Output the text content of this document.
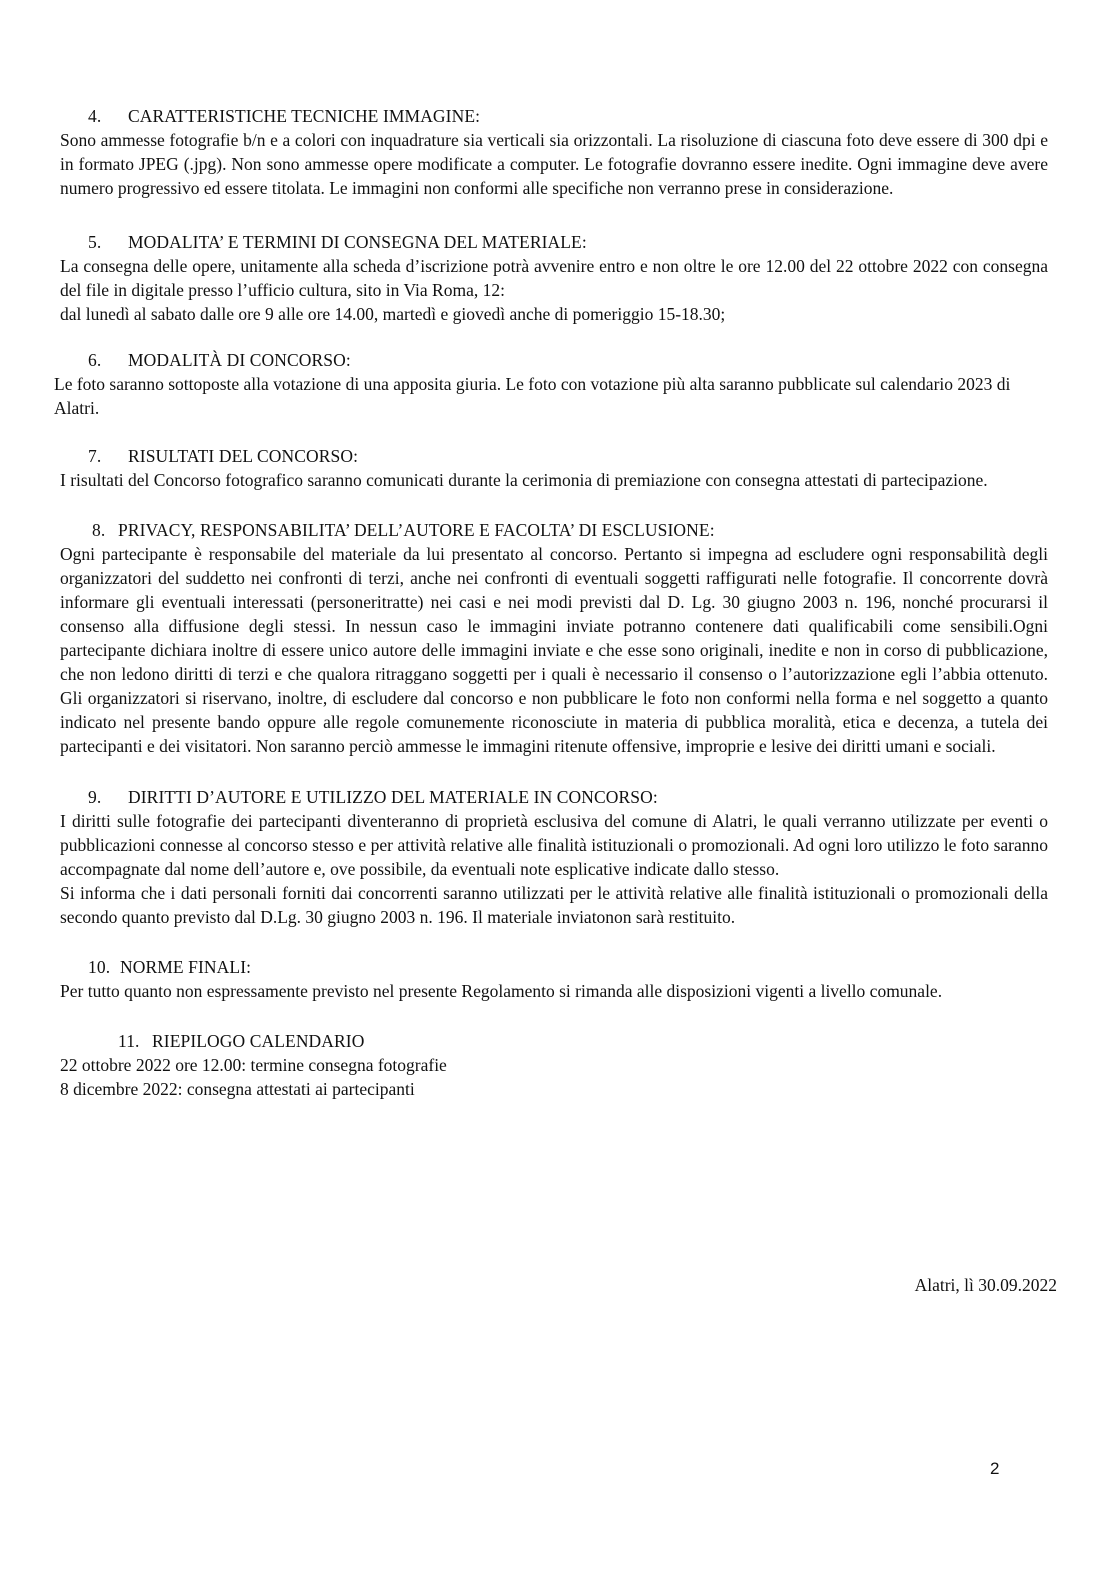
4. CARATTERISTICHE TECNICHE IMMAGINE:

Sono ammesse fotografie b/n e a colori con inquadrature sia verticali sia orizzontali. La risoluzione di ciascuna foto deve essere di 300 dpi e in formato JPEG (.jpg). Non sono ammesse opere modificate a computer. Le fotografie dovranno essere inedite. Ogni immagine deve avere numero progressivo ed essere titolata. Le immagini non conformi alle specifiche non verranno prese in considerazione.

5. MODALITA’ E TERMINI DI CONSEGNA DEL MATERIALE:

La consegna delle opere, unitamente alla scheda d’iscrizione potrà avvenire entro e non oltre le ore 12.00 del 22 ottobre 2022 con consegna del file in digitale presso l’ufficio cultura, sito in Via Roma, 12:

dal lunedì al sabato dalle ore 9 alle ore 14.00, martedì e giovedì anche di pomeriggio 15-18.30;

6. MODALITÀ DI CONCORSO:

Le foto saranno sottoposte alla votazione di una apposita giuria. Le foto con votazione più alta saranno pubblicate sul calendario 2023 di Alatri.

7. RISULTATI DEL CONCORSO:

I risultati del Concorso fotografico saranno comunicati durante la cerimonia di premiazione con consegna attestati di partecipazione.

8. PRIVACY, RESPONSABILITA’ DELL’AUTORE E FACOLTA’ DI ESCLUSIONE:

Ogni partecipante è responsabile del materiale da lui presentato al concorso. Pertanto si impegna ad escludere ogni responsabilità degli organizzatori del suddetto nei confronti di terzi, anche nei confronti di eventuali soggetti raffigurati nelle fotografie. Il concorrente dovrà informare gli eventuali interessati (personeritratte) nei casi e nei modi previsti dal D. Lg. 30 giugno 2003 n. 196, nonché procurarsi il consenso alla diffusione degli stessi. In nessun caso le immagini inviate potranno contenere dati qualificabili come sensibili.Ogni partecipante dichiara inoltre di essere unico autore delle immagini inviate e che esse sono originali, inedite e non in corso di pubblicazione, che non ledono diritti di terzi e che qualora ritraggano soggetti per i quali è necessario il consenso o l’autorizzazione egli l’abbia ottenuto. Gli organizzatori si riservano, inoltre, di escludere dal concorso e non pubblicare le foto non conformi nella forma e nel soggetto a quanto indicato nel presente bando oppure alle regole comunemente riconosciute in materia di pubblica moralità, etica e decenza, a tutela dei partecipanti e dei visitatori. Non saranno perciò ammesse le immagini ritenute offensive, improprie e lesive dei diritti umani e sociali.

9. DIRITTI D’AUTORE E UTILIZZO DEL MATERIALE IN CONCORSO:

I diritti sulle fotografie dei partecipanti diventeranno di proprietà esclusiva del comune di Alatri, le quali verranno utilizzate per eventi o pubblicazioni connesse al concorso stesso e per attività relative alle finalità istituzionali o promozionali. Ad ogni loro utilizzo le foto saranno accompagnate dal nome dell’autore e, ove possibile, da eventuali note esplicative indicate dallo stesso.

Si informa che i dati personali forniti dai concorrenti saranno utilizzati per le attività relative alle finalità istituzionali o promozionali della secondo quanto previsto dal D.Lg. 30 giugno 2003 n. 196. Il materiale inviatonon sarà restituito.

10. NORME FINALI:

Per tutto quanto non espressamente previsto nel presente Regolamento si rimanda alle disposizioni vigenti a livello comunale.

11. RIEPILOGO CALENDARIO

22 ottobre 2022 ore 12.00: termine consegna fotografie

8 dicembre 2022: consegna attestati ai partecipanti

Alatri, lì 30.09.2022
2
